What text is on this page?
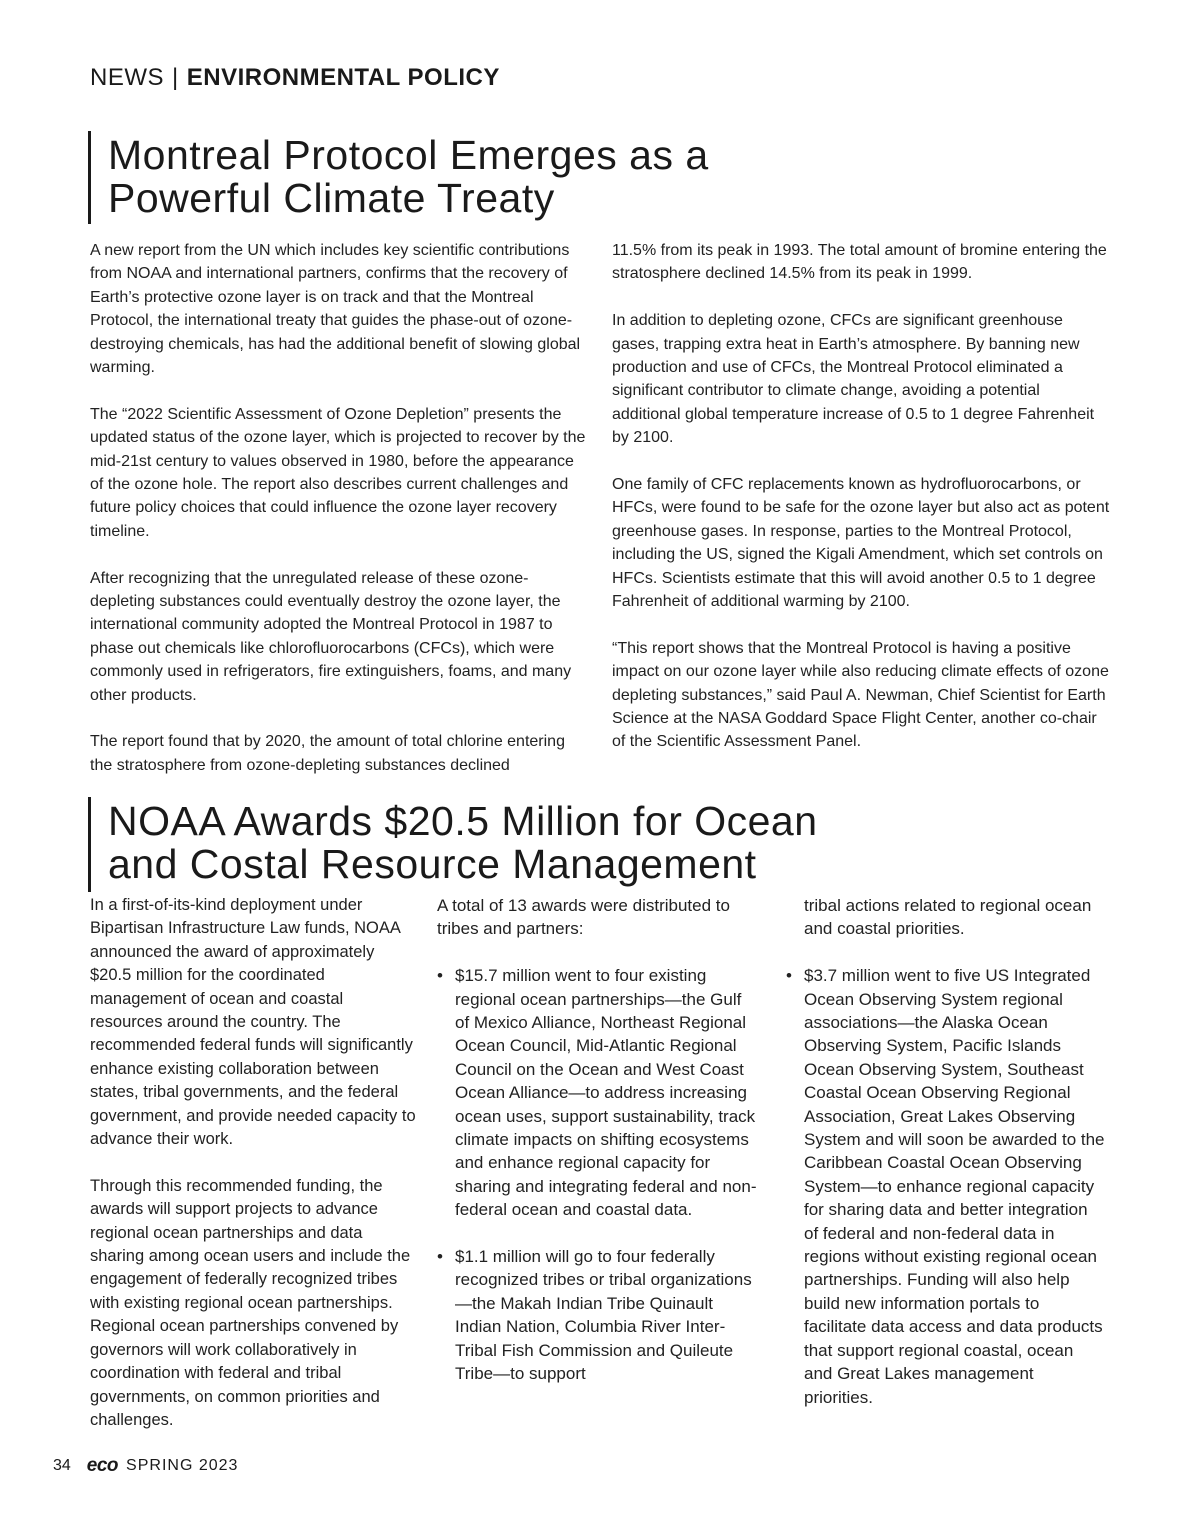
NEWS | ENVIRONMENTAL POLICY
Montreal Protocol Emerges as a
Powerful Climate Treaty

A new report from the UN which includes key scientific contributions from NOAA and international partners, confirms that the recovery of Earth’s protective ozone layer is on track and that the Montreal Protocol, the international treaty that guides the phase-out of ozone-destroying chemicals, has had the additional benefit of slowing global warming.

The “2022 Scientific Assessment of Ozone Depletion” presents the updated status of the ozone layer, which is projected to recover by the mid-21st century to values observed in 1980, before the appearance of the ozone hole. The report also describes current challenges and future policy choices that could influence the ozone layer recovery timeline.

After recognizing that the unregulated release of these ozone-depleting substances could eventually destroy the ozone layer, the international community adopted the Montreal Protocol in 1987 to phase out chemicals like chlorofluorocarbons (CFCs), which were commonly used in refrigerators, fire extinguishers, foams, and many other products.

The report found that by 2020, the amount of total chlorine entering the stratosphere from ozone-depleting substances declined

11.5% from its peak in 1993. The total amount of bromine entering the stratosphere declined 14.5% from its peak in 1999.

In addition to depleting ozone, CFCs are significant greenhouse gases, trapping extra heat in Earth’s atmosphere. By banning new production and use of CFCs, the Montreal Protocol eliminated a significant contributor to climate change, avoiding a potential additional global temperature increase of 0.5 to 1 degree Fahrenheit by 2100.

One family of CFC replacements known as hydrofluorocarbons, or HFCs, were found to be safe for the ozone layer but also act as potent greenhouse gases. In response, parties to the Montreal Protocol, including the US, signed the Kigali Amendment, which set controls on HFCs. Scientists estimate that this will avoid another 0.5 to 1 degree Fahrenheit of additional warming by 2100.

“This report shows that the Montreal Protocol is having a positive impact on our ozone layer while also reducing climate effects of ozone depleting substances,” said Paul A. Newman, Chief Scientist for Earth Science at the NASA Goddard Space Flight Center, another co-chair of the Scientific Assessment Panel.

NOAA Awards $20.5 Million for Ocean
and Costal Resource Management

In a first-of-its-kind deployment under Bipartisan Infrastructure Law funds, NOAA announced the award of approximately $20.5 million for the coordinated management of ocean and coastal resources around the country. The recommended federal funds will significantly enhance existing collaboration between states, tribal governments, and the federal government, and provide needed capacity to advance their work.

Through this recommended funding, the awards will support projects to advance regional ocean partnerships and data sharing among ocean users and include the engagement of federally recognized tribes with existing regional ocean partnerships. Regional ocean partnerships convened by governors will work collaboratively in coordination with federal and tribal governments, on common priorities and challenges.

A total of 13 awards were distributed to tribes and partners:

• $15.7 million went to four existing regional ocean partnerships—the Gulf of Mexico Alliance, Northeast Regional Ocean Council, Mid-Atlantic Regional Council on the Ocean and West Coast Ocean Alliance—to address increasing ocean uses, support sustainability, track climate impacts on shifting ecosystems and enhance regional capacity for sharing and integrating federal and non-federal ocean and coastal data.
• $1.1 million will go to four federally recognized tribes or tribal organizations—the Makah Indian Tribe Quinault Indian Nation, Columbia River Inter-Tribal Fish Commission and Quileute Tribe—to support

tribal actions related to regional ocean and coastal priorities.

• $3.7 million went to five US Integrated Ocean Observing System regional associations—the Alaska Ocean Observing System, Pacific Islands Ocean Observing System, Southeast Coastal Ocean Observing Regional Association, Great Lakes Observing System and will soon be awarded to the Caribbean Coastal Ocean Observing System—to enhance regional capacity for sharing data and better integration of federal and non-federal data in regions without existing regional ocean partnerships. Funding will also help build new information portals to facilitate data access and data products that support regional coastal, ocean and Great Lakes management priorities.
34 eco SPRING 2023
